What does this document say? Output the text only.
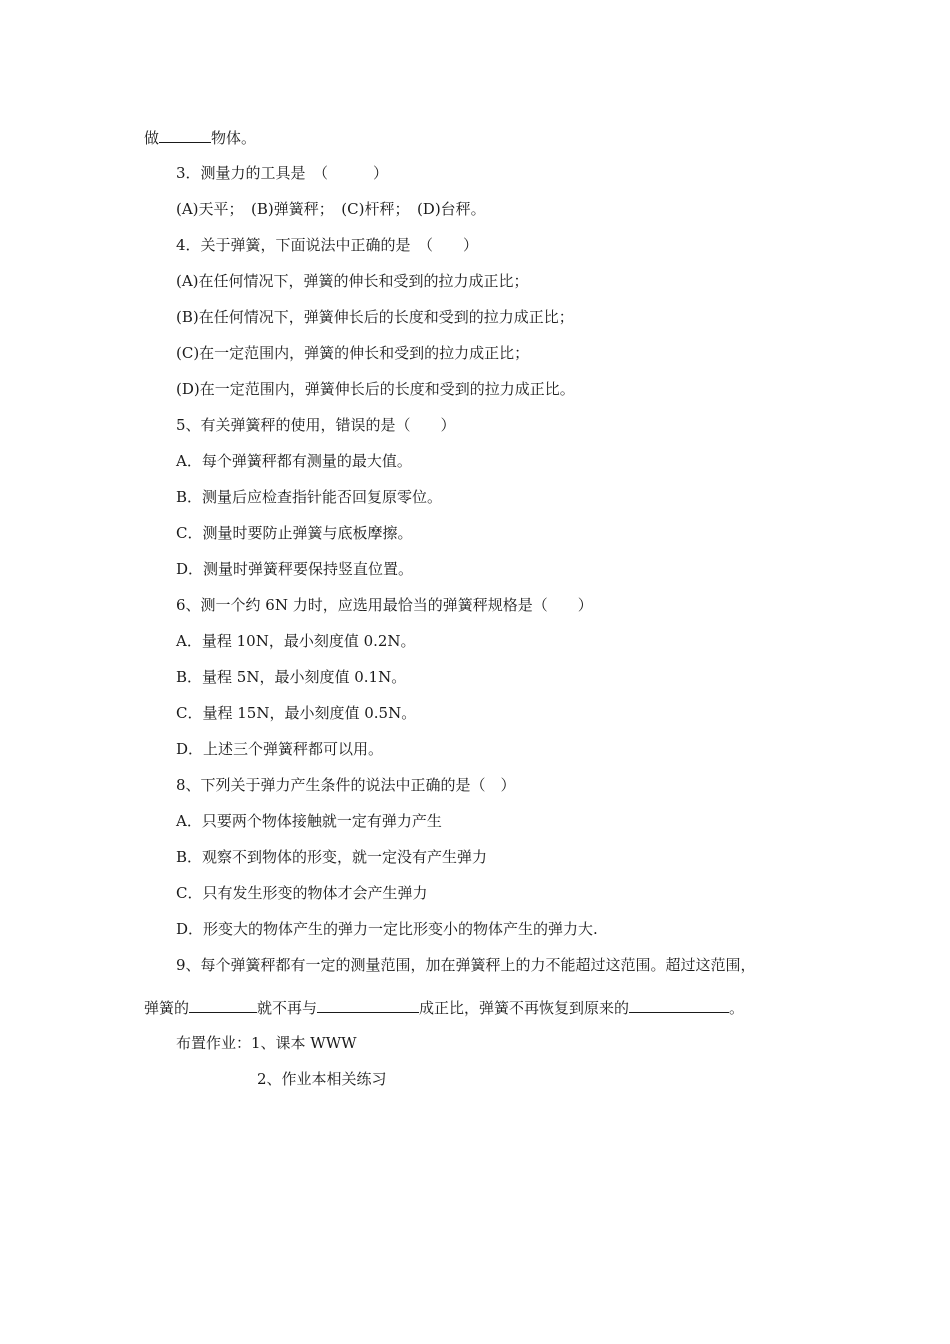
做	物体。
3．测量力的工具是　（　　　）
(A)天平；　(B)弹簧秤；　(C)杆秤；　(D)台秤。
4．关于弹簧，下面说法中正确的是　（　　）
(A)在任何情况下，弹簧的伸长和受到的拉力成正比；
(B)在任何情况下，弹簧伸长后的长度和受到的拉力成正比；
(C)在一定范围内，弹簧的伸长和受到的拉力成正比；
(D)在一定范围内，弹簧伸长后的长度和受到的拉力成正比。
5、有关弹簧秤的使用，错误的是（　　）
A．每个弹簧秤都有测量的最大值。
B．测量后应检查指针能否回复原零位。
C．测量时要防止弹簧与底板摩擦。
D．测量时弹簧秤要保持竖直位置。
6、测一个约 6N 力时，应选用最恰当的弹簧秤规格是（　　）
A．量程 10N，最小刻度值 0.2N。
B．量程 5N，最小刻度值 0.1N。
C．量程 15N，最小刻度值 0.5N。
D．上述三个弹簧秤都可以用。
8、下列关于弹力产生条件的说法中正确的是（　）
A．只要两个物体接触就一定有弹力产生
B．观察不到物体的形变，就一定没有产生弹力
C．只有发生形变的物体才会产生弹力
D．形变大的物体产生的弹力一定比形变小的物体产生的弹力大.
9、每个弹簧秤都有一定的测量范围，加在弹簧秤上的力不能超过这范围。超过这范围，
弹簧的	就不再与	成正比，弹簧不再恢复到原来的	。
布置作业：1、课本 WWW
2、作业本相关练习
